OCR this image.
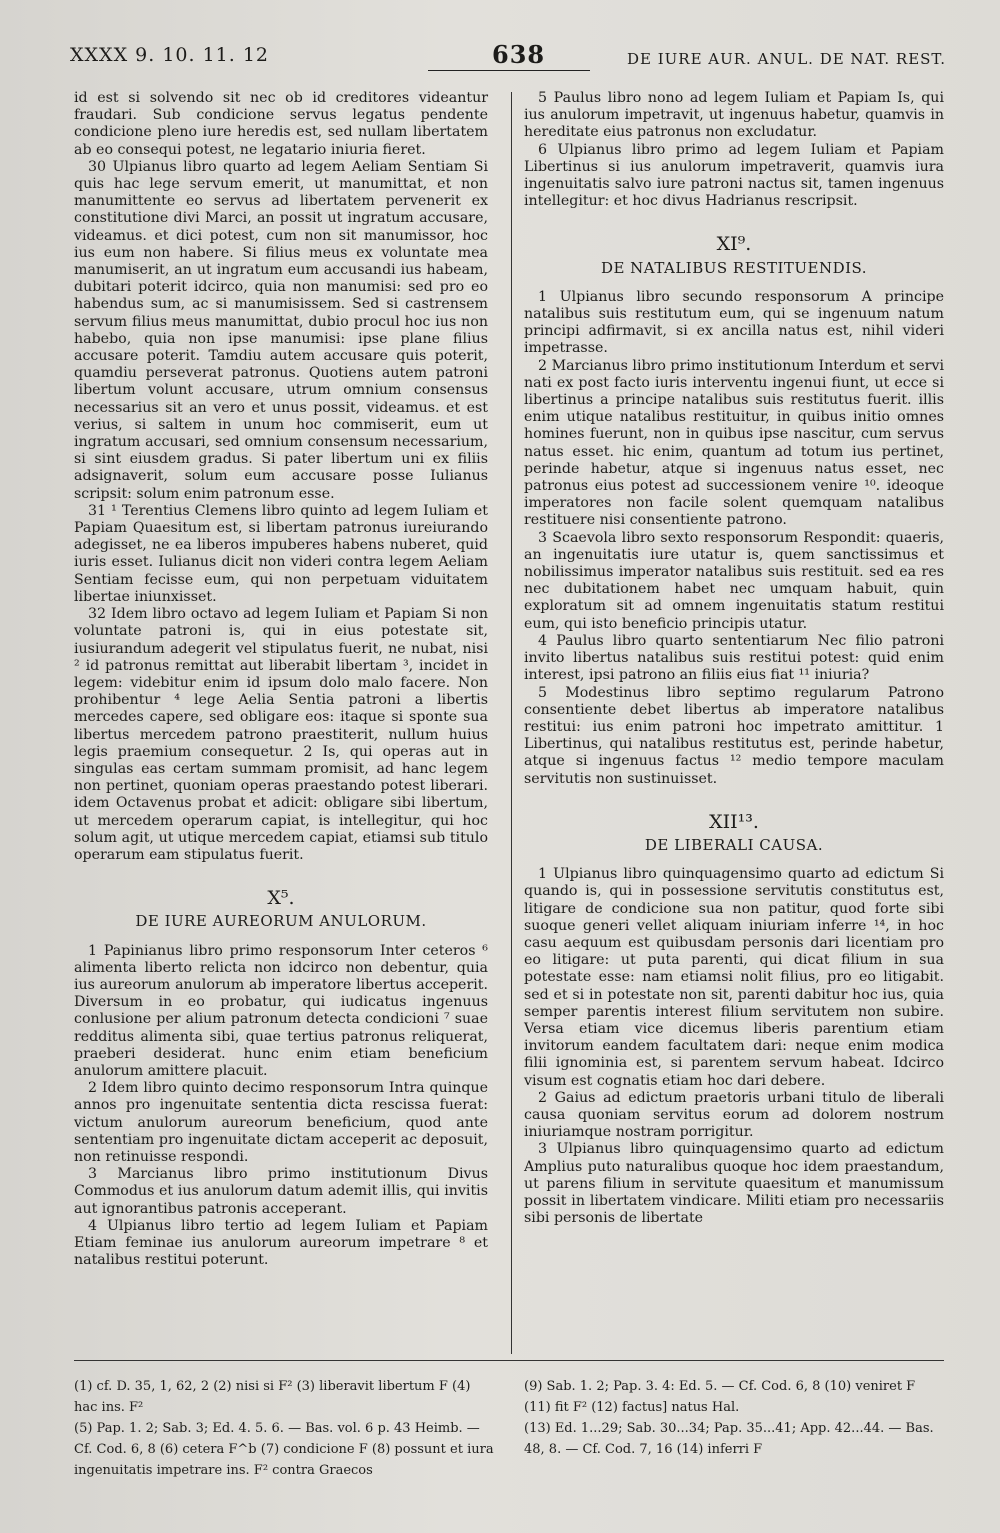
XXXX 9. 10. 11. 12	638	DE IURE AUR. ANUL. DE NAT. REST.

id est si solvendo sit nec ob id creditores videantur fraudari. Sub condicione servus legatus pendente condicione pleno iure heredis est, sed nullam libertatem ab eo consequi potest, ne legatario iniuria fieret.

30 Ulpianus libro quarto ad legem Aeliam Sentiam Si quis hac lege servum emerit, ut manumittat, et non manumittente eo servus ad libertatem pervenerit ex constitutione divi Marci, an possit ut ingratum accusare, videamus. et dici potest, cum non sit manumissor, hoc ius eum non habere. Si filius meus ex voluntate mea manumiserit, an ut ingratum eum accusandi ius habeam, dubitari poterit idcirco, quia non manumisi: sed pro eo habendus sum, ac si manumisissem. Sed si castrensem servum filius meus manumittat, dubio procul hoc ius non habebo, quia non ipse manumisi: ipse plane filius accusare poterit. Tamdiu autem accusare quis poterit, quamdiu perseverat patronus. Quotiens autem patroni libertum volunt accusare, utrum omnium consensus necessarius sit an vero et unus possit, videamus. et est verius, si saltem in unum hoc commiserit, eum ut ingratum accusari, sed omnium consensum necessarium, si sint eiusdem gradus. Si pater libertum uni ex filiis adsignaverit, solum eum accusare posse Iulianus scripsit: solum enim patronum esse.

31 ¹ Terentius Clemens libro quinto ad legem Iuliam et Papiam Quaesitum est, si libertam patronus iureiurando adegisset, ne ea liberos impuberes habens nuberet, quid iuris esset. Iulianus dicit non videri contra legem Aeliam Sentiam fecisse eum, qui non perpetuam viduitatem libertae iniunxisset.

32 Idem libro octavo ad legem Iuliam et Papiam Si non voluntate patroni is, qui in eius potestate sit, iusiurandum adegerit vel stipulatus fuerit, ne nubat, nisi ² id patronus remittat aut liberabit libertam ³, incidet in legem: videbitur enim id ipsum dolo malo facere. Non prohibentur ⁴ lege Aelia Sentia patroni a libertis mercedes capere, sed obligare eos: itaque si sponte sua libertus mercedem patrono praestiterit, nullum huius legis praemium consequetur. 2 Is, qui operas aut in singulas eas certam summam promisit, ad hanc legem non pertinet, quoniam operas praestando potest liberari. idem Octavenus probat et adicit: obligare sibi libertum, ut mercedem operarum capiat, is intellegitur, qui hoc solum agit, ut utique mercedem capiat, etiamsi sub titulo operarum eam stipulatus fuerit.

X⁵.
DE IURE AUREORUM ANULORUM.

1 Papinianus libro primo responsorum Inter ceteros ⁶ alimenta liberto relicta non idcirco non debentur, quia ius aureorum anulorum ab imperatore libertus acceperit. Diversum in eo probatur, qui iudicatus ingenuus conlusione per alium patronum detecta condicioni ⁷ suae redditus alimenta sibi, quae tertius patronus reliquerat, praeberi desiderat. hunc enim etiam beneficium anulorum amittere placuit.

2 Idem libro quinto decimo responsorum Intra quinque annos pro ingenuitate sententia dicta rescissa fuerat: victum anulorum aureorum beneficium, quod ante sententiam pro ingenuitate dictam acceperit ac deposuit, non retinuisse respondi.

3 Marcianus libro primo institutionum Divus Commodus et ius anulorum datum ademit illis, qui invitis aut ignorantibus patronis acceperant.

4 Ulpianus libro tertio ad legem Iuliam et Papiam Etiam feminae ius anulorum aureorum impetrare ⁸ et natalibus restitui poterunt.

5 Paulus libro nono ad legem Iuliam et Papiam Is, qui ius anulorum impetravit, ut ingenuus habetur, quamvis in hereditate eius patronus non excludatur.

6 Ulpianus libro primo ad legem Iuliam et Papiam Libertinus si ius anulorum impetraverit, quamvis iura ingenuitatis salvo iure patroni nactus sit, tamen ingenuus intellegitur: et hoc divus Hadrianus rescripsit.

XI⁹.
DE NATALIBUS RESTITUENDIS.

1 Ulpianus libro secundo responsorum A principe natalibus suis restitutum eum, qui se ingenuum natum principi adfirmavit, si ex ancilla natus est, nihil videri impetrasse.

2 Marcianus libro primo institutionum Interdum et servi nati ex post facto iuris interventu ingenui fiunt, ut ecce si libertinus a principe natalibus suis restitutus fuerit. illis enim utique natalibus restituitur, in quibus initio omnes homines fuerunt, non in quibus ipse nascitur, cum servus natus esset. hic enim, quantum ad totum ius pertinet, perinde habetur, atque si ingenuus natus esset, nec patronus eius potest ad successionem venire ¹⁰. ideoque imperatores non facile solent quemquam natalibus restituere nisi consentiente patrono.

3 Scaevola libro sexto responsorum Respondit: quaeris, an ingenuitatis iure utatur is, quem sanctissimus et nobilissimus imperator natalibus suis restituit. sed ea res nec dubitationem habet nec umquam habuit, quin exploratum sit ad omnem ingenuitatis statum restitui eum, qui isto beneficio principis utatur.

4 Paulus libro quarto sententiarum Nec filio patroni invito libertus natalibus suis restitui potest: quid enim interest, ipsi patrono an filiis eius fiat ¹¹ iniuria?

5 Modestinus libro septimo regularum Patrono consentiente debet libertus ab imperatore natalibus restitui: ius enim patroni hoc impetrato amittitur. 1 Libertinus, qui natalibus restitutus est, perinde habetur, atque si ingenuus factus ¹² medio tempore maculam servitutis non sustinuisset.

XII¹³.
DE LIBERALI CAUSA.

1 Ulpianus libro quinquagensimo quarto ad edictum Si quando is, qui in possessione servitutis constitutus est, litigare de condicione sua non patitur, quod forte sibi suoque generi vellet aliquam iniuriam inferre ¹⁴, in hoc casu aequum est quibusdam personis dari licentiam pro eo litigare: ut puta parenti, qui dicat filium in sua potestate esse: nam etiamsi nolit filius, pro eo litigabit. sed et si in potestate non sit, parenti dabitur hoc ius, quia semper parentis interest filium servitutem non subire. Versa etiam vice dicemus liberis parentium etiam invitorum eandem facultatem dari: neque enim modica filii ignominia est, si parentem servum habeat. Idcirco visum est cognatis etiam hoc dari debere.

2 Gaius ad edictum praetoris urbani titulo de liberali causa quoniam servitus eorum ad dolorem nostrum iniuriamque nostram porrigitur.

3 Ulpianus libro quinquagensimo quarto ad edictum Amplius puto naturalibus quoque hoc idem praestandum, ut parens filium in servitute quaesitum et manumissum possit in libertatem vindicare. Militi etiam pro necessariis sibi personis de libertate

(1) cf. D. 35, 1, 62, 2 (2) nisi si F² (3) liberavit libertum F (4) hac ins. F²

(5) Pap. 1. 2; Sab. 3; Ed. 4. 5. 6. — Bas. vol. 6 p. 43 Heimb. — Cf. Cod. 6, 8 (6) cetera F^b (7) condicione F (8) possunt et iura ingenuitatis impetrare ins. F² contra Graecos

(9) Sab. 1. 2; Pap. 3. 4: Ed. 5. — Cf. Cod. 6, 8 (10) veniret F (11) fit F² (12) factus] natus Hal.

(13) Ed. 1...29; Sab. 30...34; Pap. 35...41; App. 42...44. — Bas. 48, 8. — Cf. Cod. 7, 16 (14) inferri F
